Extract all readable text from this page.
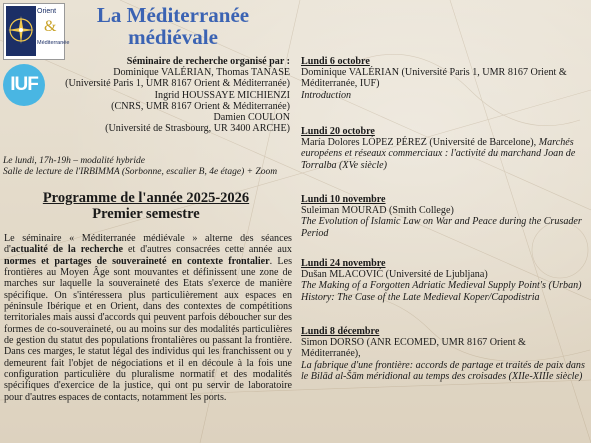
Orient
&
Méditerranée
IUF
La Méditerranée
médiévale
Séminaire de recherche organisé par :
Dominique VALÉRIAN, Thomas TANASE
(Université Paris 1, UMR 8167 Orient & Méditerranée)
Ingrid HOUSSAYE MICHIENZI
(CNRS, UMR 8167 Orient & Méditerranée)
Damien COULON
(Université de Strasbourg, UR 3400 ARCHE)
Le lundi, 17h-19h – modalité hybride
Salle de lecture de l'IRBIMMA (Sorbonne, escalier B, 4e étage) + Zoom
Programme de l'année 2025-2026
Premier semestre
Le séminaire « Méditerranée médiévale » alterne des séances d'actualité de la recherche et d'autres consacrées cette année aux normes et partages de souveraineté en contexte frontalier. Les frontières au Moyen Âge sont mouvantes et définissent une zone de marches sur laquelle la souveraineté des Etats s'exerce de manière spécifique. On s'intéressera plus particulièrement aux espaces en péninsule Ibérique et en Orient, dans des contextes de compétitions territoriales mais aussi d'accords qui peuvent parfois déboucher sur des formes de co-souveraineté, ou au moins sur des modalités particulières de gestion du statut des populations frontalières ou passant la frontière. Dans ces marges, le statut légal des individus qui les franchissent ou y demeurent fait l'objet de négociations et il en découle à la fois une configuration particulière du pluralisme normatif et des modalités spécifiques d'exercice de la justice, qui ont pu servir de laboratoire pour d'autres espaces de contacts, notamment les ports.
Lundi 6 octobre
Dominique VALÉRIAN (Université Paris 1, UMR 8167 Orient & Méditerranée, IUF)
Introduction
Lundi 20 octobre
María Dolores LÓPEZ PÉREZ (Université de Barcelone), Marchés européens et réseaux commerciaux : l'activité du marchand Joan de Torralba (XVe siècle)
Lundi 10 novembre
Suleiman MOURAD (Smith College)
The Evolution of Islamic Law on War and Peace during the Crusader Period
Lundi 24 novembre
Dušan MLACOVIĆ (Université de Ljubljana)
The Making of a Forgotten Adriatic Medieval Supply Point's (Urban) History: The Case of the Late Medieval Koper/Capodistria
Lundi 8 décembre
Simon DORSO (ANR ECOMED, UMR 8167 Orient & Méditerranée),
La fabrique d'une frontière: accords de partage et traités de paix dans le Bilād al-Šām méridional au temps des croisades (XIIe-XIIIe siècle)
